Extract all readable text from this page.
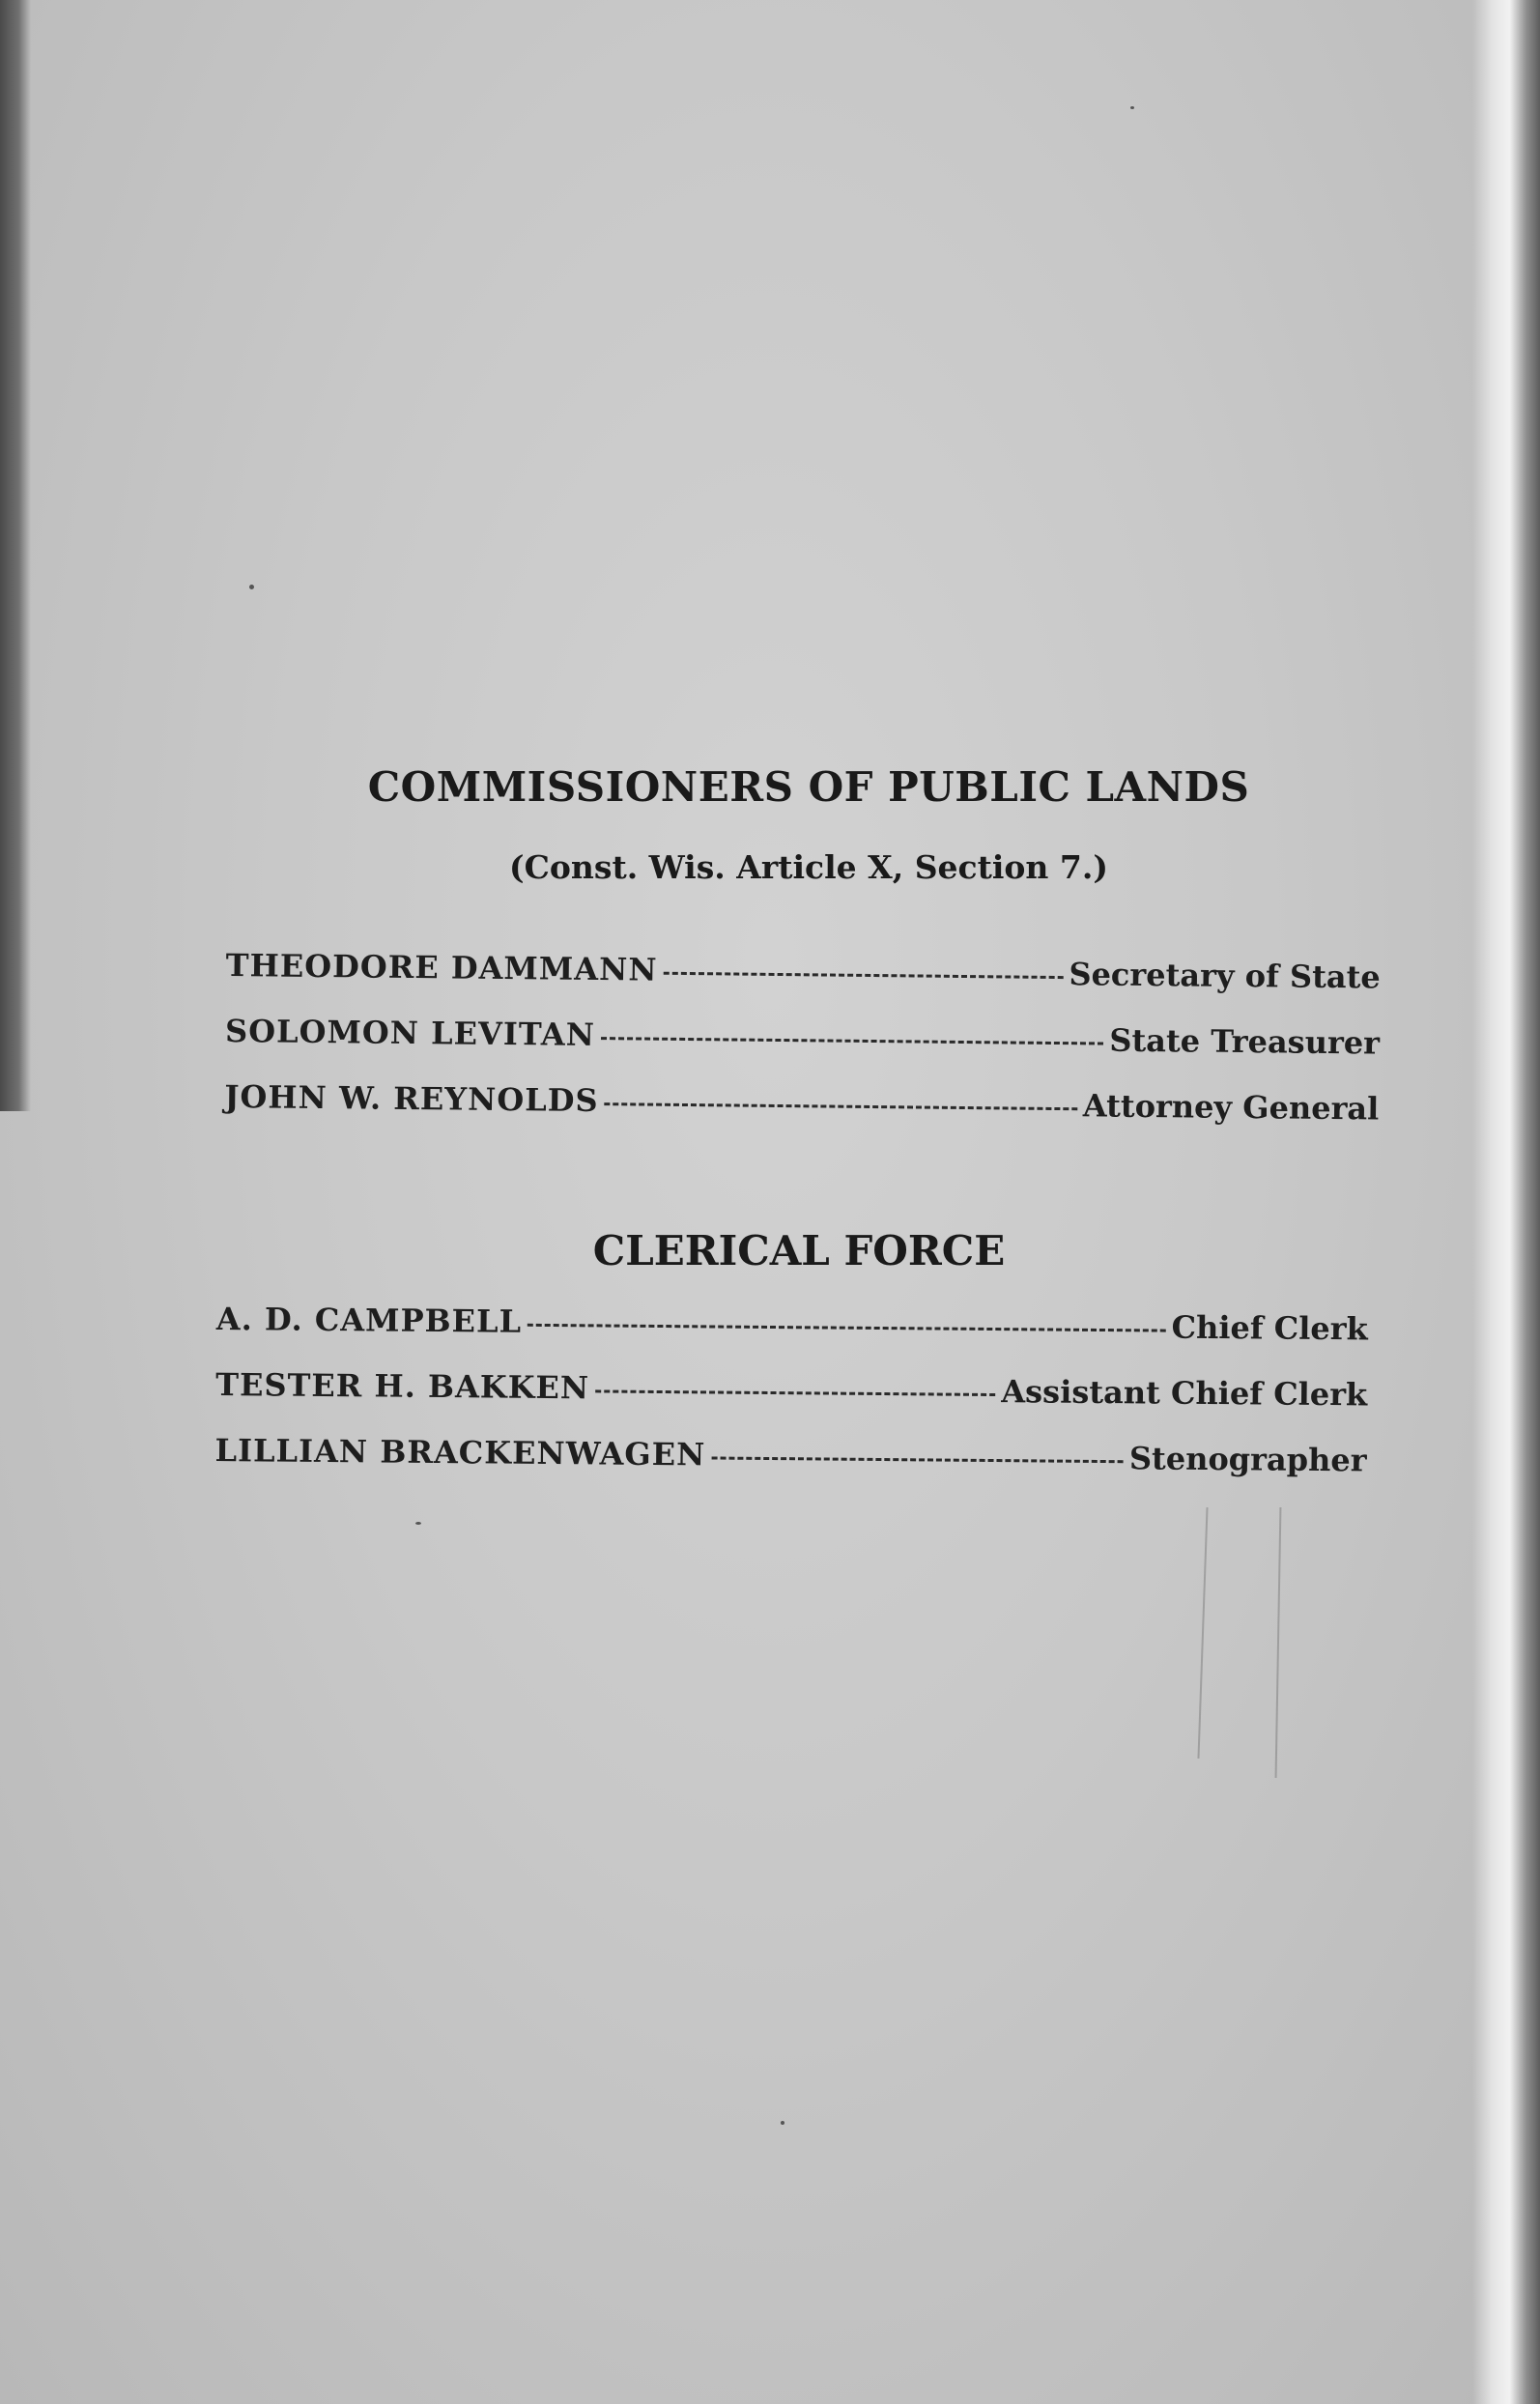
COMMISSIONERS OF PUBLIC LANDS
(Const. Wis. Article X, Section 7.)
THEODORE DAMMANN	Secretary of State
SOLOMON LEVITAN	State Treasurer
JOHN W. REYNOLDS	Attorney General
CLERICAL FORCE
A. D. CAMPBELL	Chief Clerk
TESTER H. BAKKEN	Assistant Chief Clerk
LILLIAN BRACKENWAGEN	Stenographer
